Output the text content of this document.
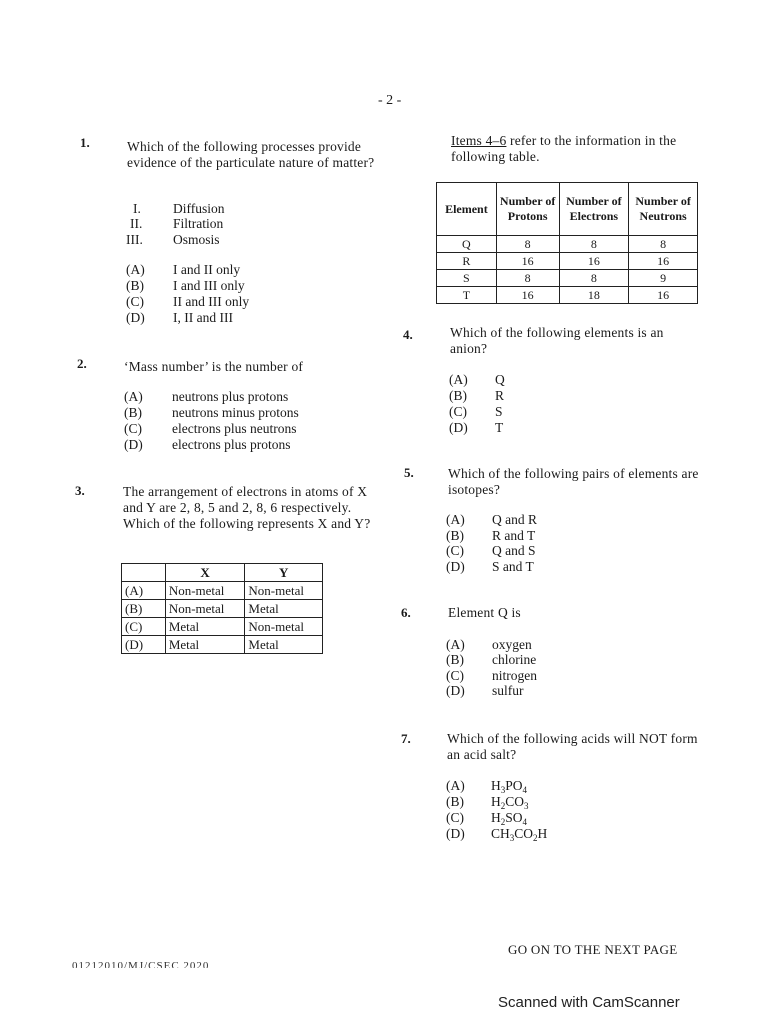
- 2 -
1.	Which of the following processes provide evidence of the particulate nature of matter?
I. Diffusion
II. Filtration
III. Osmosis
(A) I and II only
(B) I and III only
(C) II and III only
(D) I, II and III
2.	‘Mass number’ is the number of
(A) neutrons plus protons
(B) neutrons minus protons
(C) electrons plus neutrons
(D) electrons plus protons
3.	The arrangement of electrons in atoms of X and Y are 2, 8, 5 and 2, 8, 6 respectively. Which of the following represents X and Y?
	X	Y
(A)	Non-metal	Non-metal
(B)	Non-metal	Metal
(C)	Metal	Non-metal
(D)	Metal	Metal
Items 4–6 refer to the information in the
following table.
Element	Number of Protons	Number of Electrons	Number of Neutrons
Q	8	8	8
R	16	16	16
S	8	8	9
T	16	18	16
4.	Which of the following elements is an anion?
(A) Q
(B) R
(C) S
(D) T
5.	Which of the following pairs of elements are isotopes?
(A) Q and R
(B) R and T
(C) Q and S
(D) S and T
6.	Element Q is
(A) oxygen
(B) chlorine
(C) nitrogen
(D) sulfur
7.	Which of the following acids will NOT form an acid salt?
(A) $H_3PO_4$
(B) $H_2CO_3$
(C) $H_2SO_4$
(D) $CH_3CO_2H$
GO ON TO THE NEXT PAGE
01212010/MJ/CSEC 2020
Scanned with CamScanner
